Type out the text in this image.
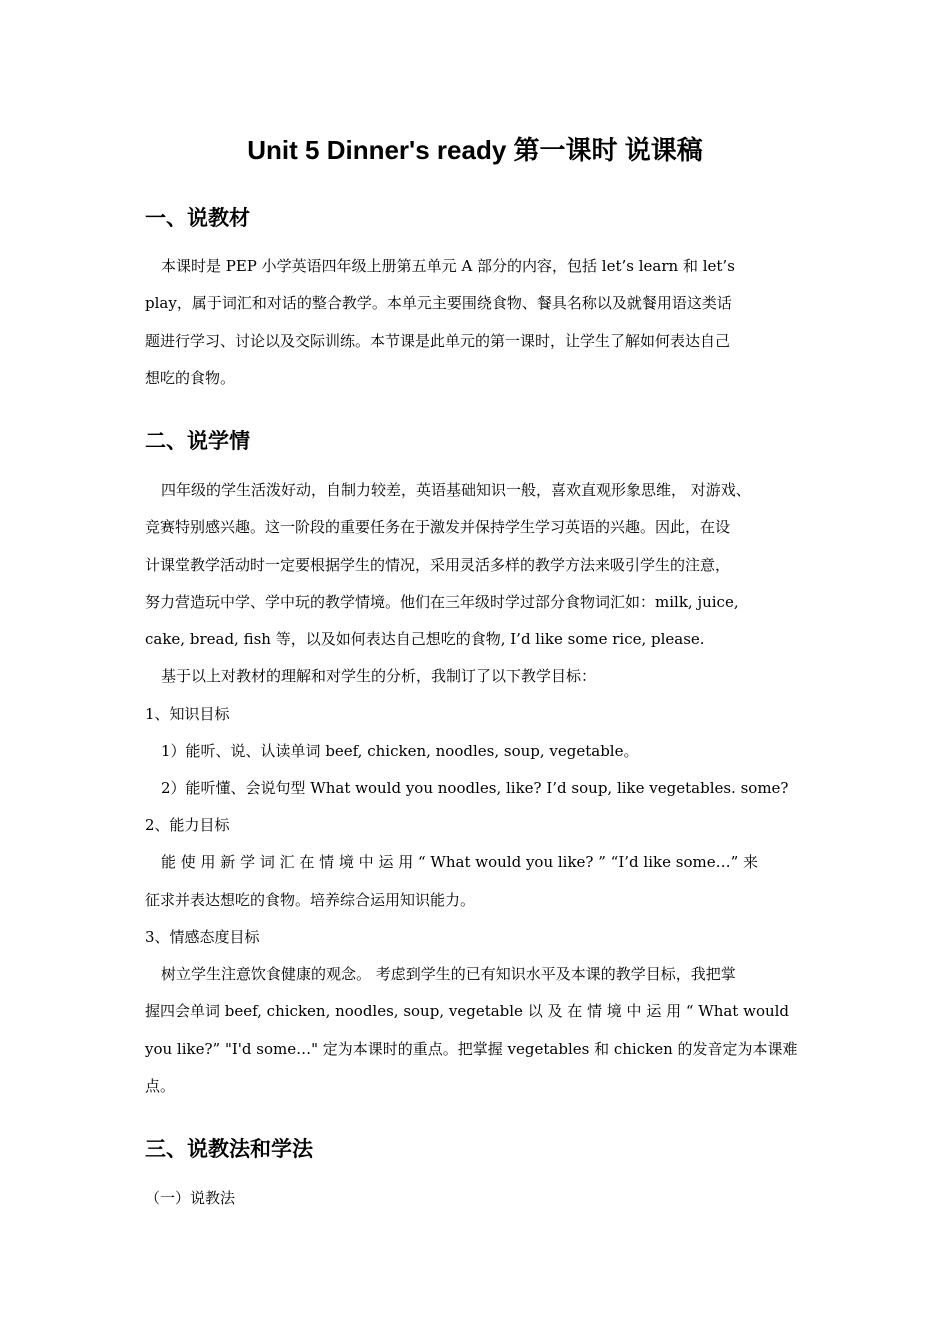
Unit 5 Dinner's ready 第一课时 说课稿
一、说教材

本课时是 PEP 小学英语四年级上册第五单元 A 部分的内容，包括 let’s learn 和 let’s

play，属于词汇和对话的整合教学。本单元主要围绕食物、餐具名称以及就餐用语这类话

题进行学习、讨论以及交际训练。本节课是此单元的第一课时，让学生了解如何表达自己

想吃的食物。

二、说学情

四年级的学生活泼好动，自制力较差，英语基础知识一般，喜欢直观形象思维， 对游戏、

竞赛特别感兴趣。这一阶段的重要任务在于激发并保持学生学习英语的兴趣。因此，在设

计课堂教学活动时一定要根据学生的情况，采用灵活多样的教学方法来吸引学生的注意，

努力营造玩中学、学中玩的教学情境。他们在三年级时学过部分食物词汇如：milk, juice,

cake, bread, fish 等，以及如何表达自己想吃的食物, I’d like some rice, please.

基于以上对教材的理解和对学生的分析，我制订了以下教学目标：

1、知识目标

1）能听、说、认读单词 beef, chicken, noodles, soup, vegetable。

2）能听懂、会说句型 What would you noodles, like? I’d soup, like vegetables. some?

2、能力目标

能 使 用 新 学 词 汇 在 情 境 中 运 用 “ What would you like? ” “I’d like some…” 来

征求并表达想吃的食物。培养综合运用知识能力。

3、情感态度目标

树立学生注意饮食健康的观念。 考虑到学生的已有知识水平及本课的教学目标，我把掌

握四会单词 beef, chicken, noodles, soup, vegetable 以 及 在 情 境 中 运 用 “ What would

you like?” "I'd some…" 定为本课时的重点。把掌握 vegetables 和 chicken 的发音定为本课难

点。

三、说教法和学法

（一）说教法
